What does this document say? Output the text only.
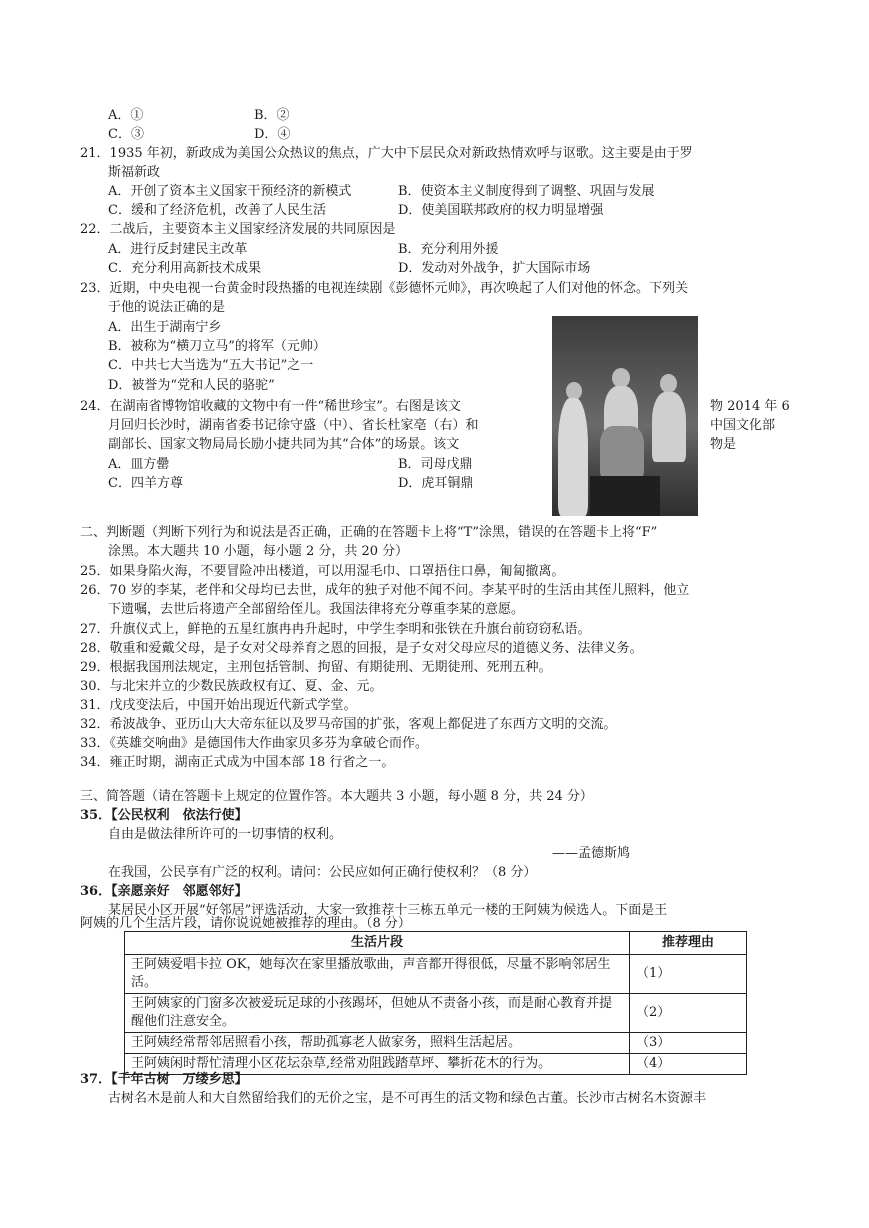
A．①	B．②
C．③	D．④
21．1935 年初，新政成为美国公众热议的焦点，广大中下层民众对新政热情欢呼与讴歌。这主要是由于罗
斯福新政
A．开创了资本主义国家干预经济的新模式	B．使资本主义制度得到了调整、巩固与发展
C．缓和了经济危机，改善了人民生活	D．使美国联邦政府的权力明显增强
22．二战后，主要资本主义国家经济发展的共同原因是
A．进行反封建民主改革	B．充分利用外援
C．充分利用高新技术成果	D．发动对外战争，扩大国际市场
23．近期，中央电视一台黄金时段热播的电视连续剧《彭德怀元帅》，再次唤起了人们对他的怀念。下列关
于他的说法正确的是
A．出生于湖南宁乡
B．被称为“横刀立马”的将军（元帅）
C．中共七大当选为“五大书记”之一
D．被誉为“党和人民的骆驼”
24．在湖南省博物馆收藏的文物中有一件“稀世珍宝”。右图是该文	物 2014 年 6
月回归长沙时，湖南省委书记徐守盛（中）、省长杜家亳（右）和	中国文化部
副部长、国家文物局局长励小捷共同为其“合体”的场景。该文	物是
A．皿方罍	B．司母戊鼎
C．四羊方尊	D．虎耳铜鼎
二、判断题（判断下列行为和说法是否正确，正确的在答题卡上将“T”涂黑，错误的在答题卡上将“F”
涂黑。本大题共 10 小题，每小题 2 分，共 20 分）
25．如果身陷火海，不要冒险冲出楼道，可以用湿毛巾、口罩捂住口鼻，匍匐撤离。
26．70 岁的李某，老伴和父母均已去世，成年的独子对他不闻不问。李某平时的生活由其侄儿照料，他立
下遗嘱，去世后将遗产全部留给侄儿。我国法律将充分尊重李某的意愿。
27．升旗仪式上，鲜艳的五星红旗冉冉升起时，中学生李明和张铁在升旗台前窃窃私语。
28．敬重和爱戴父母，是子女对父母养育之恩的回报，是子女对父母应尽的道德义务、法律义务。
29．根据我国刑法规定，主刑包括管制、拘留、有期徒刑、无期徒刑、死刑五种。
30．与北宋并立的少数民族政权有辽、夏、金、元。
31．戊戌变法后，中国开始出现近代新式学堂。
32．希波战争、亚历山大大帝东征以及罗马帝国的扩张，客观上都促进了东西方文明的交流。
33．《英雄交响曲》是德国伟大作曲家贝多芬为拿破仑而作。
34．雍正时期，湖南正式成为中国本部 18 行省之一。
三、简答题（请在答题卡上规定的位置作答。本大题共 3 小题，每小题 8 分，共 24 分）
35．【公民权利　依法行使】
自由是做法律所许可的一切事情的权利。
——孟德斯鸠
在我国，公民享有广泛的权利。请问：公民应如何正确行使权利？（8 分）
36．【亲愿亲好　邻愿邻好】
某居民小区开展“好邻居”评选活动，大家一致推荐十三栋五单元一楼的王阿姨为候选人。下面是王
阿姨的几个生活片段，请你说说她被推荐的理由。（8 分）
生活片段	推荐理由
王阿姨爱唱卡拉 OK，她每次在家里播放歌曲，声音都开得很低，尽量不影响邻居生活。	（1）
王阿姨家的门窗多次被爱玩足球的小孩踢坏，但她从不责备小孩，而是耐心教育并提醒他们注意安全。	（2）
王阿姨经常帮邻居照看小孩，帮助孤寡老人做家务，照料生活起居。	（3）
王阿姨闲时帮忙清理小区花坛杂草,经常劝阻践踏草坪、攀折花木的行为。	（4）
37．【千年古树　万缕乡思】
古树名木是前人和大自然留给我们的无价之宝，是不可再生的活文物和绿色古董。长沙市古树名木资源丰
